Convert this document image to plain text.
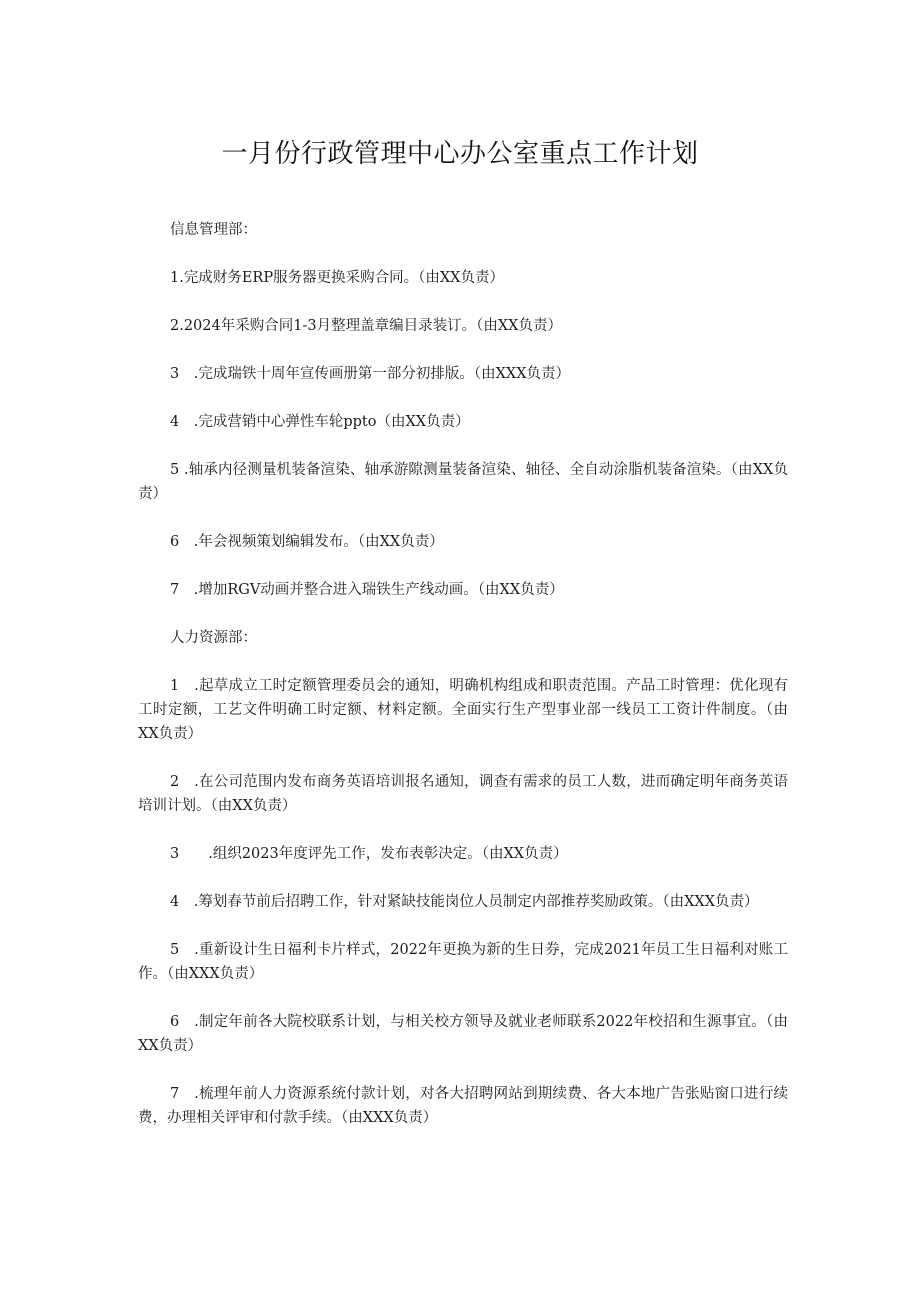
一月份行政管理中心办公室重点工作计划

信息管理部：

1.完成财务ERP服务器更换采购合同。（由XX负责）

2.2024年采购合同1-3月整理盖章编目录装订。（由XX负责）

3　.完成瑞铁十周年宣传画册第一部分初排版。（由XXX负责）

4　.完成营销中心弹性车轮ppto（由XX负责）

5 .轴承内径测量机装备渲染、轴承游隙测量装备渲染、轴径、全自动涂脂机装备渲染。（由XX负责）

6　.年会视频策划编辑发布。（由XX负责）

7　.增加RGV动画并整合进入瑞铁生产线动画。（由XX负责）

人力资源部：

1　.起草成立工时定额管理委员会的通知，明确机构组成和职责范围。产品工时管理：优化现有工时定额，工艺文件明确工时定额、材料定额。全面实行生产型事业部一线员工工资计件制度。（由XX负责）

2　.在公司范围内发布商务英语培训报名通知，调查有需求的员工人数，进而确定明年商务英语培训计划。（由XX负责）

3　　.组织2023年度评先工作，发布表彰决定。（由XX负责）

4　.筹划春节前后招聘工作，针对紧缺技能岗位人员制定内部推荐奖励政策。（由XXX负责）

5　.重新设计生日福利卡片样式，2022年更换为新的生日券，完成2021年员工生日福利对账工作。（由XXX负责）

6　.制定年前各大院校联系计划，与相关校方领导及就业老师联系2022年校招和生源事宜。（由XX负责）

7　.梳理年前人力资源系统付款计划，对各大招聘网站到期续费、各大本地广告张贴窗口进行续费，办理相关评审和付款手续。（由XXX负责）
